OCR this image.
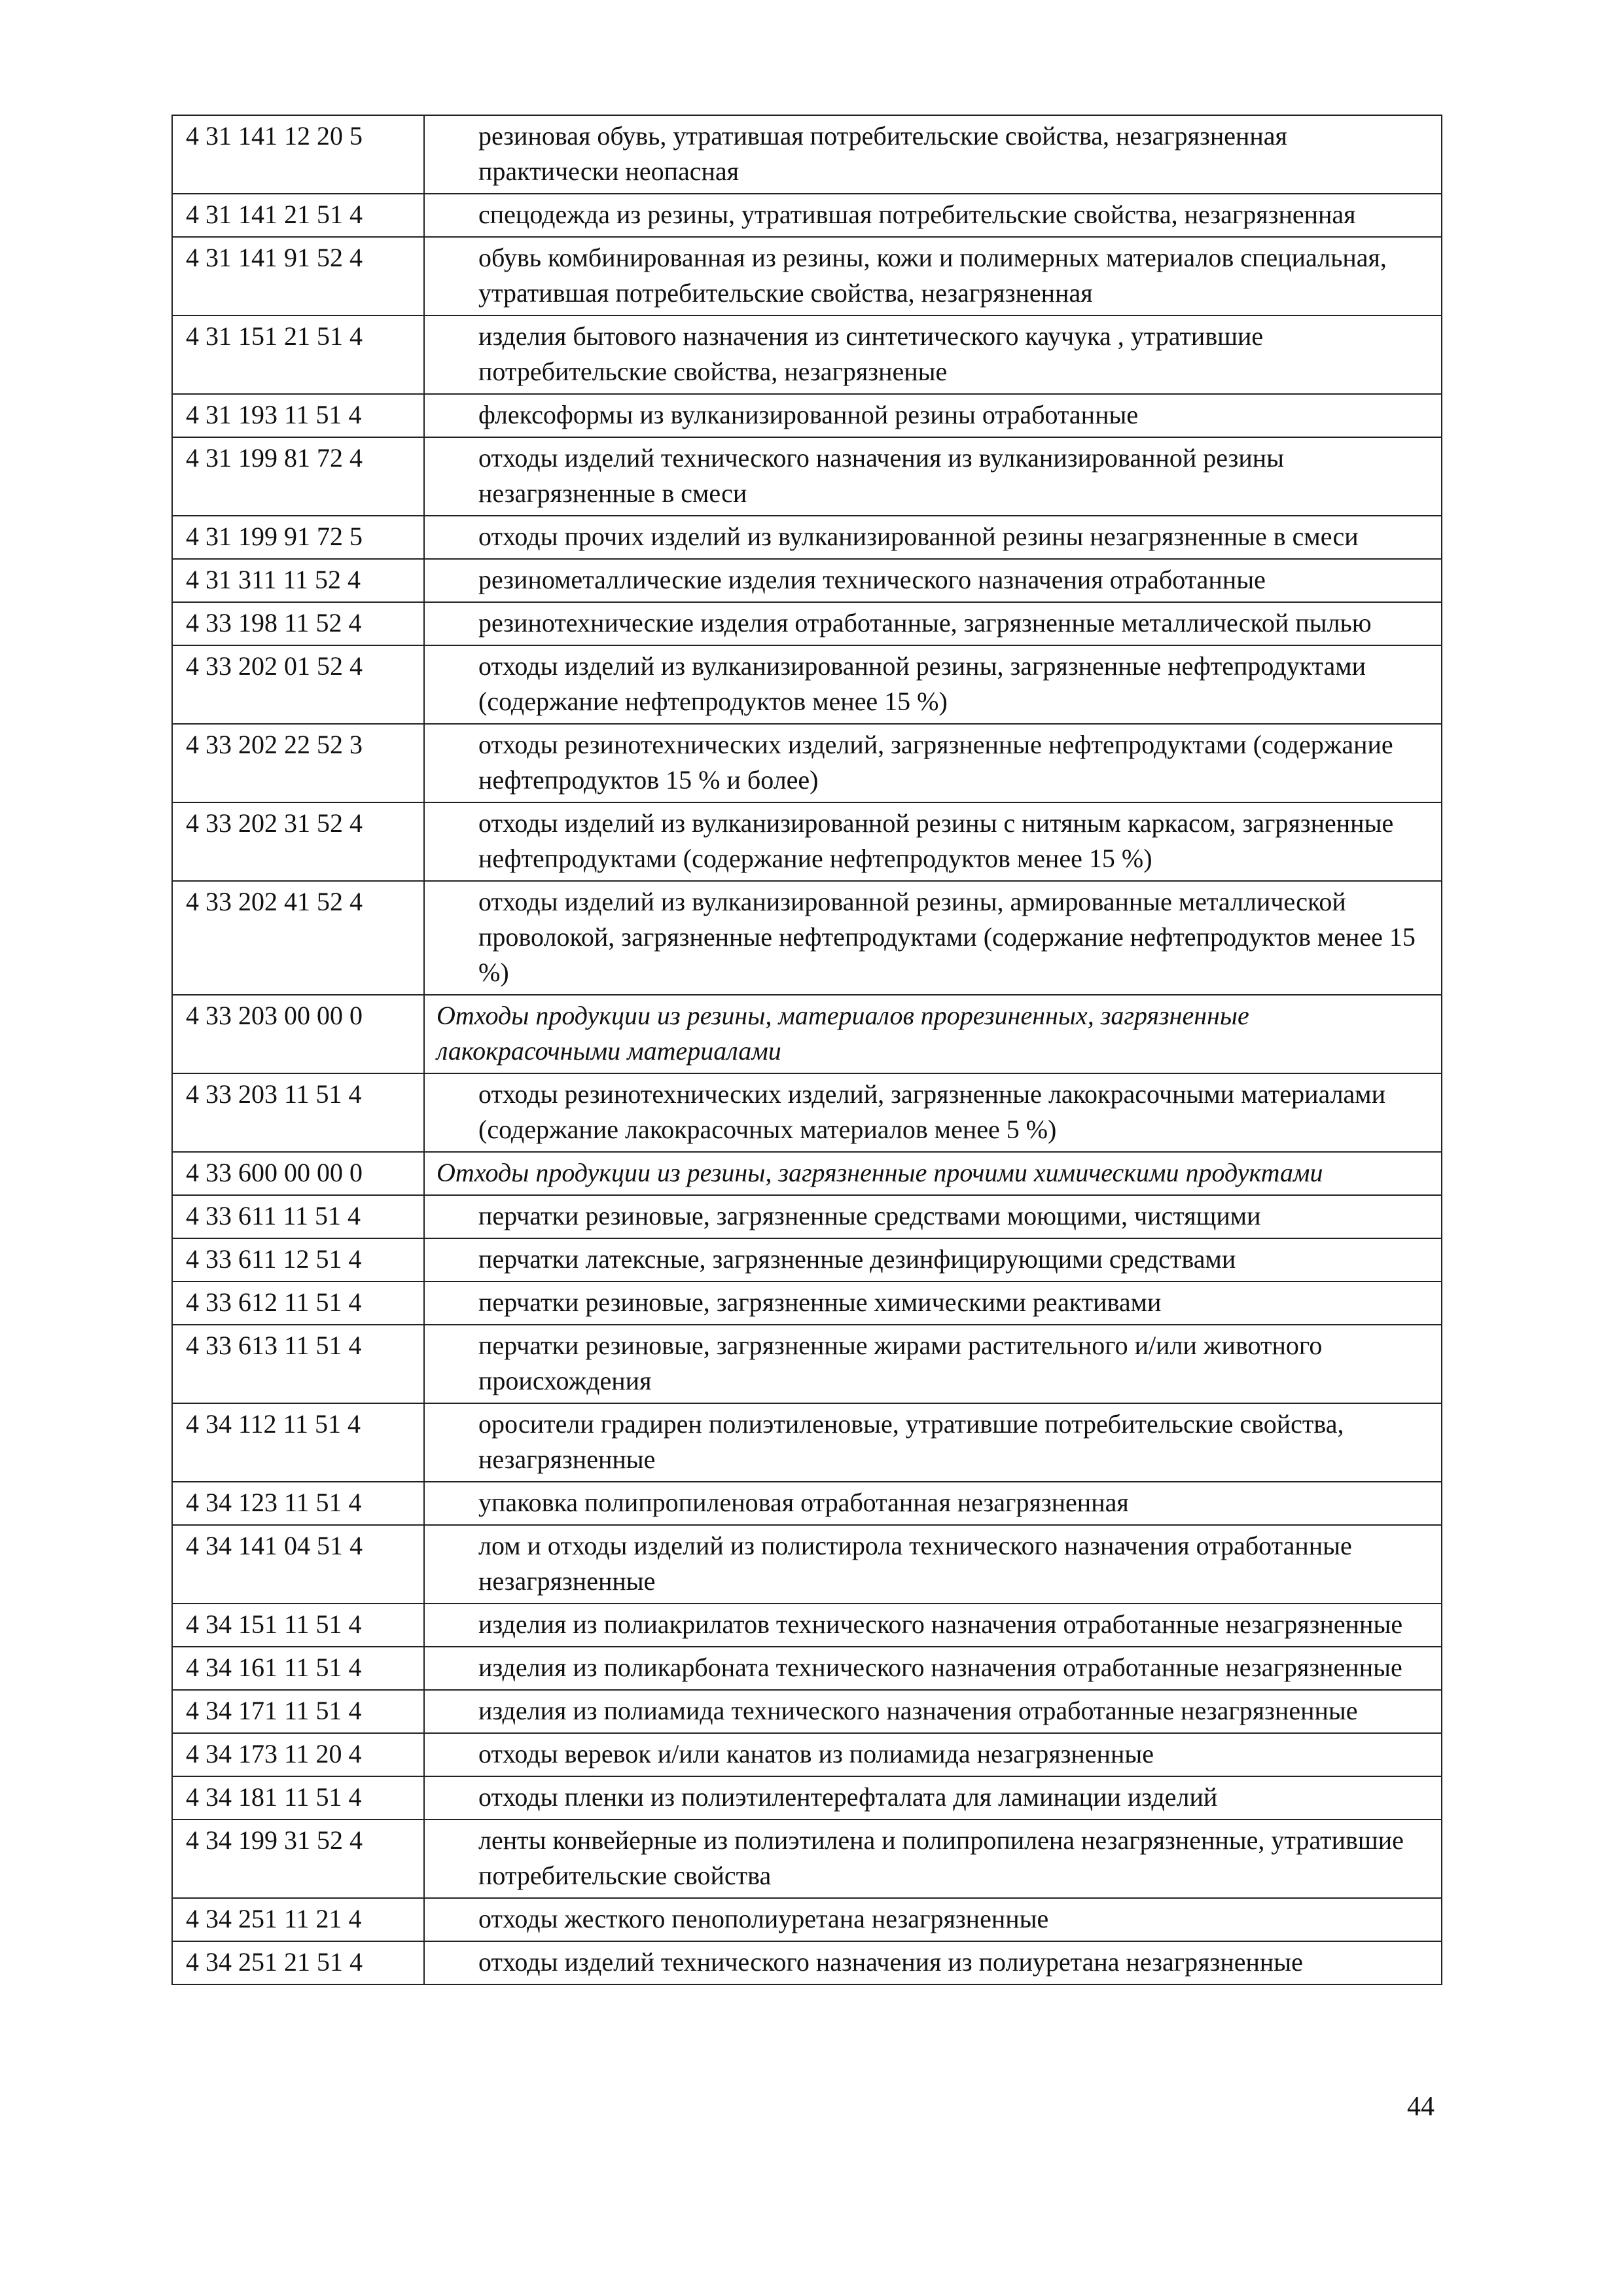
4 31 141 12 20 5	резиновая обувь, утратившая потребительские свойства, незагрязненная практически неопасная
4 31 141 21 51 4	спецодежда из резины, утратившая потребительские свойства, незагрязненная
4 31 141 91 52 4	обувь комбинированная из резины, кожи и полимерных материалов специальная, утратившая потребительские свойства, незагрязненная
4 31 151 21 51 4	изделия бытового назначения из синтетического каучука , утратившие потребительские свойства, незагрязненые
4 31 193 11 51 4	флексоформы из вулканизированной резины отработанные
4 31 199 81 72 4	отходы изделий технического назначения из вулканизированной резины незагрязненные в смеси
4 31 199 91 72 5	отходы прочих изделий из вулканизированной резины незагрязненные в смеси
4 31 311 11 52 4	резинометаллические изделия технического назначения отработанные
4 33 198 11 52 4	резинотехнические изделия отработанные, загрязненные металлической пылью
4 33 202 01 52 4	отходы изделий из вулканизированной резины, загрязненные нефтепродуктами (содержание нефтепродуктов менее 15 %)
4 33 202 22 52 3	отходы резинотехнических изделий, загрязненные нефтепродуктами (содержание нефтепродуктов 15 % и более)
4 33 202 31 52 4	отходы изделий из вулканизированной резины с нитяным каркасом, загрязненные нефтепродуктами (содержание нефтепродуктов менее 15 %)
4 33 202 41 52 4	отходы изделий из вулканизированной резины, армированные металлической проволокой, загрязненные нефтепродуктами (содержание нефтепродуктов менее 15 %)
4 33 203 00 00 0	Отходы продукции из резины, материалов прорезиненных, загрязненные лакокрасочными материалами
4 33 203 11 51 4	отходы резинотехнических изделий, загрязненные лакокрасочными материалами (содержание лакокрасочных материалов менее 5 %)
4 33 600 00 00 0	Отходы продукции из резины, загрязненные прочими химическими продуктами
4 33 611 11 51 4	перчатки резиновые, загрязненные средствами моющими, чистящими
4 33 611 12 51 4	перчатки латексные, загрязненные дезинфицирующими средствами
4 33 612 11 51 4	перчатки резиновые, загрязненные химическими реактивами
4 33 613 11 51 4	перчатки резиновые, загрязненные жирами растительного и/или животного происхождения
4 34 112 11 51 4	оросители градирен полиэтиленовые, утратившие потребительские свойства, незагрязненные
4 34 123 11 51 4	упаковка полипропиленовая отработанная незагрязненная
4 34 141 04 51 4	лом и отходы изделий из полистирола технического назначения отработанные незагрязненные
4 34 151 11 51 4	изделия из полиакрилатов технического назначения отработанные незагрязненные
4 34 161 11 51 4	изделия из поликарбоната технического назначения отработанные незагрязненные
4 34 171 11 51 4	изделия из полиамида технического назначения отработанные незагрязненные
4 34 173 11 20 4	отходы веревок и/или канатов из полиамида незагрязненные
4 34 181 11 51 4	отходы пленки из полиэтилентерефталата для ламинации изделий
4 34 199 31 52 4	ленты конвейерные из полиэтилена и полипропилена незагрязненные, утратившие потребительские свойства
4 34 251 11 21 4	отходы жесткого пенополиуретана незагрязненные
4 34 251 21 51 4	отходы изделий технического назначения из полиуретана незагрязненные
44
